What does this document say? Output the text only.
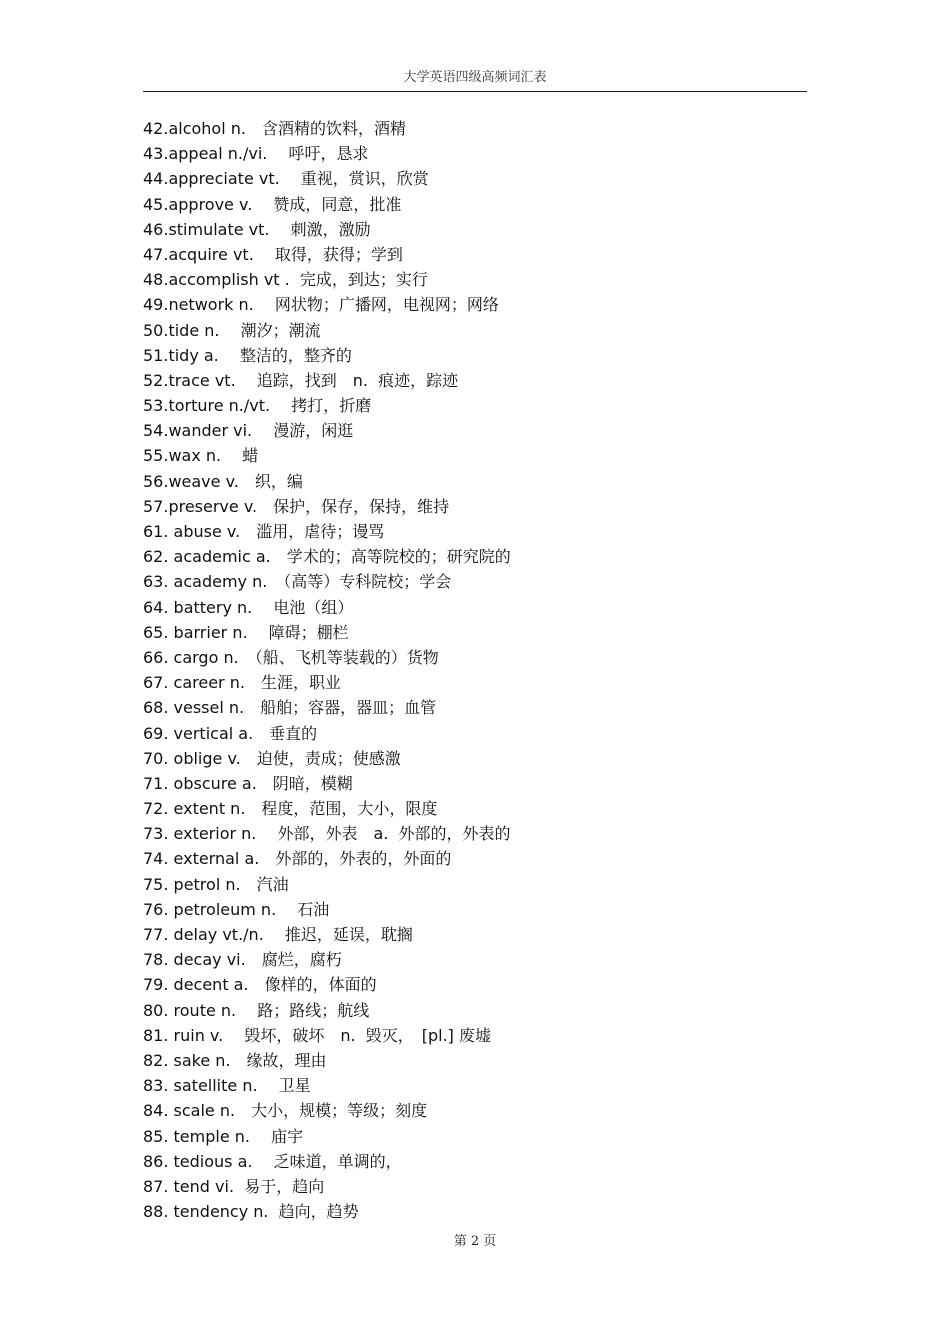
大学英语四级高频词汇表
42.alcohol n.　含酒精的饮料，酒精
43.appeal n./vi.　 呼吁，恳求
44.appreciate vt.　 重视，赏识，欣赏
45.approve v.　 赞成，同意，批准
46.stimulate vt.　 刺激，激励
47.acquire vt.　 取得，获得；学到
48.accomplish vt .  完成，到达；实行
49.network n.　 网状物；广播网，电视网；网络
50.tide n.　 潮汐；潮流
51.tidy a.　 整洁的，整齐的
52.trace vt.　 追踪，找到　n.  痕迹，踪迹
53.torture n./vt.　 拷打，折磨
54.wander vi.　 漫游，闲逛
55.wax n.　 蜡
56.weave v.　织，编
57.preserve v.　保护，保存，保持，维持
61. abuse v.　滥用，虐待；谩骂
62. academic a.　学术的；高等院校的；研究院的
63. academy n.　（高等）专科院校；学会
64. battery n.　 电池（组）
65. barrier n.　 障碍；棚栏
66. cargo n.　（船、飞机等装载的）货物
67. career n.　生涯，职业
68. vessel n.　船舶；容器，器皿；血管
69. vertical a.　垂直的
70. oblige v.　迫使，责成；使感激
71. obscure a.　阴暗，模糊
72. extent n.　程度，范围，大小，限度
73. exterior n.　 外部，外表　a.  外部的，外表的
74. external a.　外部的，外表的，外面的
75. petrol n.　汽油
76. petroleum n.　 石油
77. delay vt./n.　 推迟，延误，耽搁
78. decay vi.　腐烂，腐朽
79. decent a.　像样的，体面的
80. route n.　 路；路线；航线
81. ruin v.　 毁坏，破坏　n.  毁灭，　[pl.] 废墟
82. sake n.　缘故，理由
83. satellite n.　 卫星
84. scale n.　大小，规模；等级；刻度
85. temple n.　 庙宇
86. tedious a.　 乏味道，单调的，
87. tend vi.  易于，趋向
88. tendency n.  趋向，趋势
第 2 页
